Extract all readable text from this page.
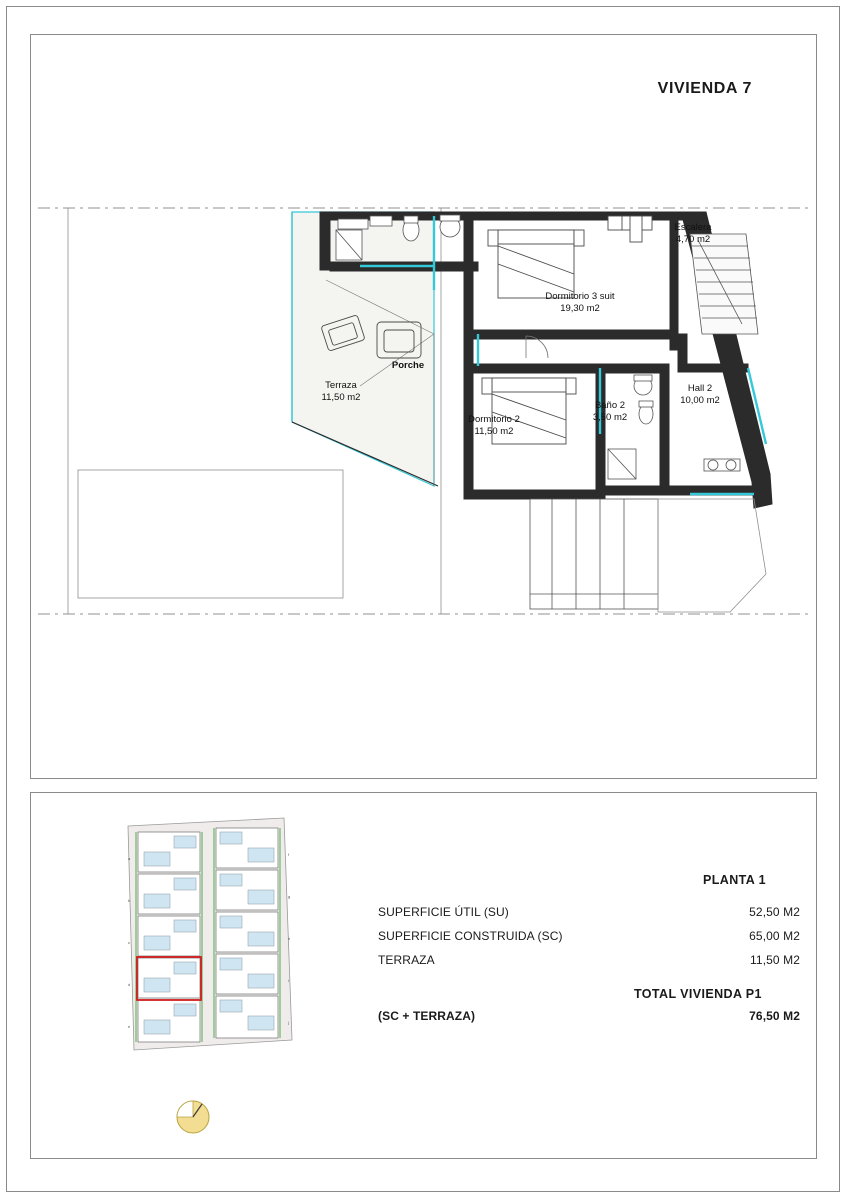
VIVIENDA 7
Terraza
11,50 m2
Porche
Dormitorio 2
11,50 m2
Baño 2
3,50 m2
Dormitorio 3 suit
19,30 m2
Hall 2
10,00 m2
Escalera
4,70 m2
PLANTA 1
SUPERFICIE ÚTIL (SU)	52,50 M2
SUPERFICIE CONSTRUIDA (SC)	65,00 M2
TERRAZA	11,50 M2
TOTAL VIVIENDA P1
(SC + TERRAZA)	76,50 M2
a
b
c
d
e
f
g
h
i
j
